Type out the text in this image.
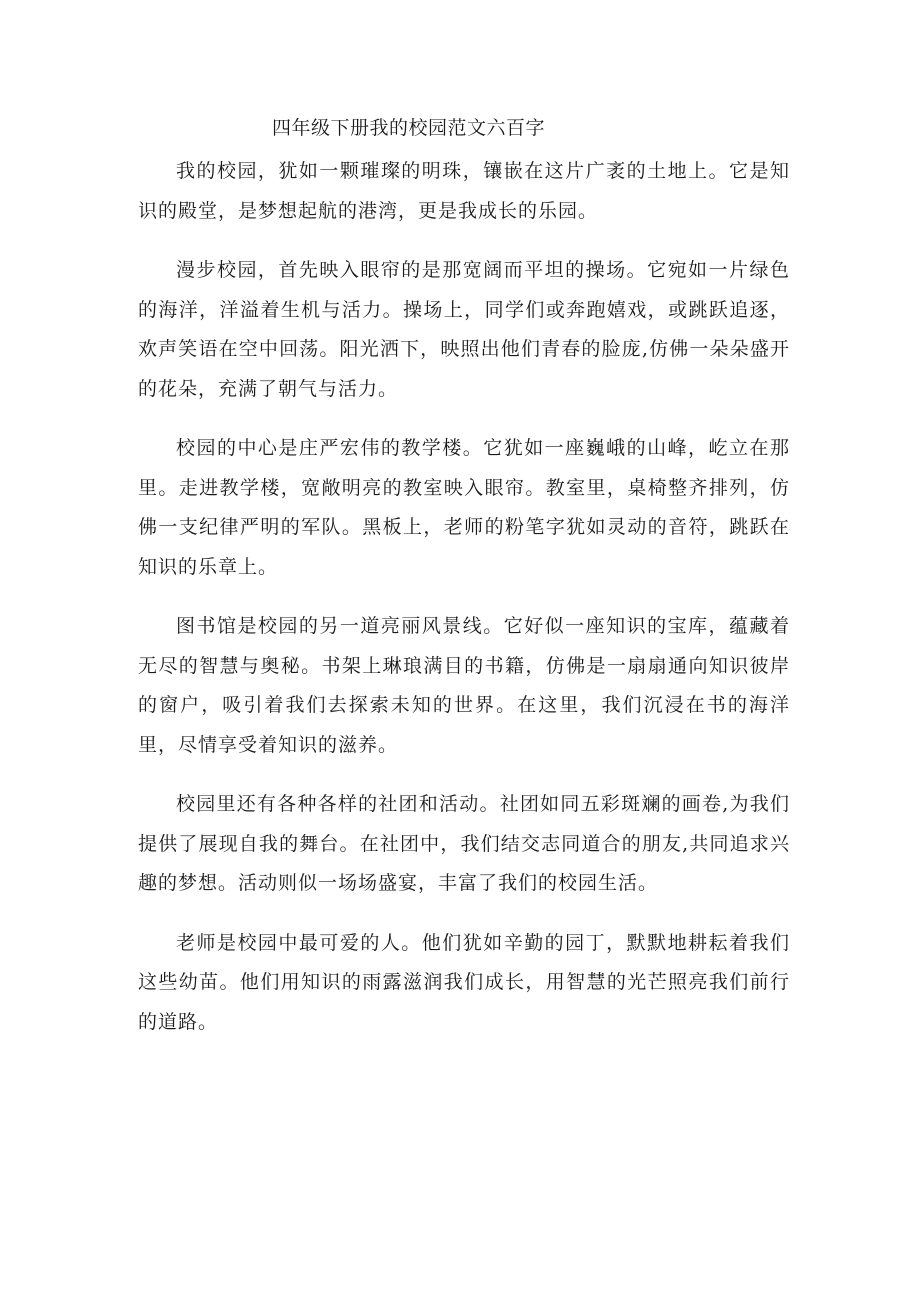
四年级下册我的校园范文六百字

我的校园，犹如一颗璀璨的明珠，镶嵌在这片广袤的土地上。它是知识的殿堂，是梦想起航的港湾，更是我成长的乐园。

漫步校园，首先映入眼帘的是那宽阔而平坦的操场。它宛如一片绿色的海洋，洋溢着生机与活力。操场上，同学们或奔跑嬉戏，或跳跃追逐，欢声笑语在空中回荡。阳光洒下，映照出他们青春的脸庞,仿佛一朵朵盛开的花朵，充满了朝气与活力。

校园的中心是庄严宏伟的教学楼。它犹如一座巍峨的山峰，屹立在那里。走进教学楼，宽敞明亮的教室映入眼帘。教室里，桌椅整齐排列，仿佛一支纪律严明的军队。黑板上，老师的粉笔字犹如灵动的音符，跳跃在知识的乐章上。

图书馆是校园的另一道亮丽风景线。它好似一座知识的宝库，蕴藏着无尽的智慧与奥秘。书架上琳琅满目的书籍，仿佛是一扇扇通向知识彼岸的窗户，吸引着我们去探索未知的世界。在这里，我们沉浸在书的海洋里，尽情享受着知识的滋养。

校园里还有各种各样的社团和活动。社团如同五彩斑斓的画卷,为我们提供了展现自我的舞台。在社团中，我们结交志同道合的朋友,共同追求兴趣的梦想。活动则似一场场盛宴，丰富了我们的校园生活。

老师是校园中最可爱的人。他们犹如辛勤的园丁，默默地耕耘着我们这些幼苗。他们用知识的雨露滋润我们成长，用智慧的光芒照亮我们前行的道路。
